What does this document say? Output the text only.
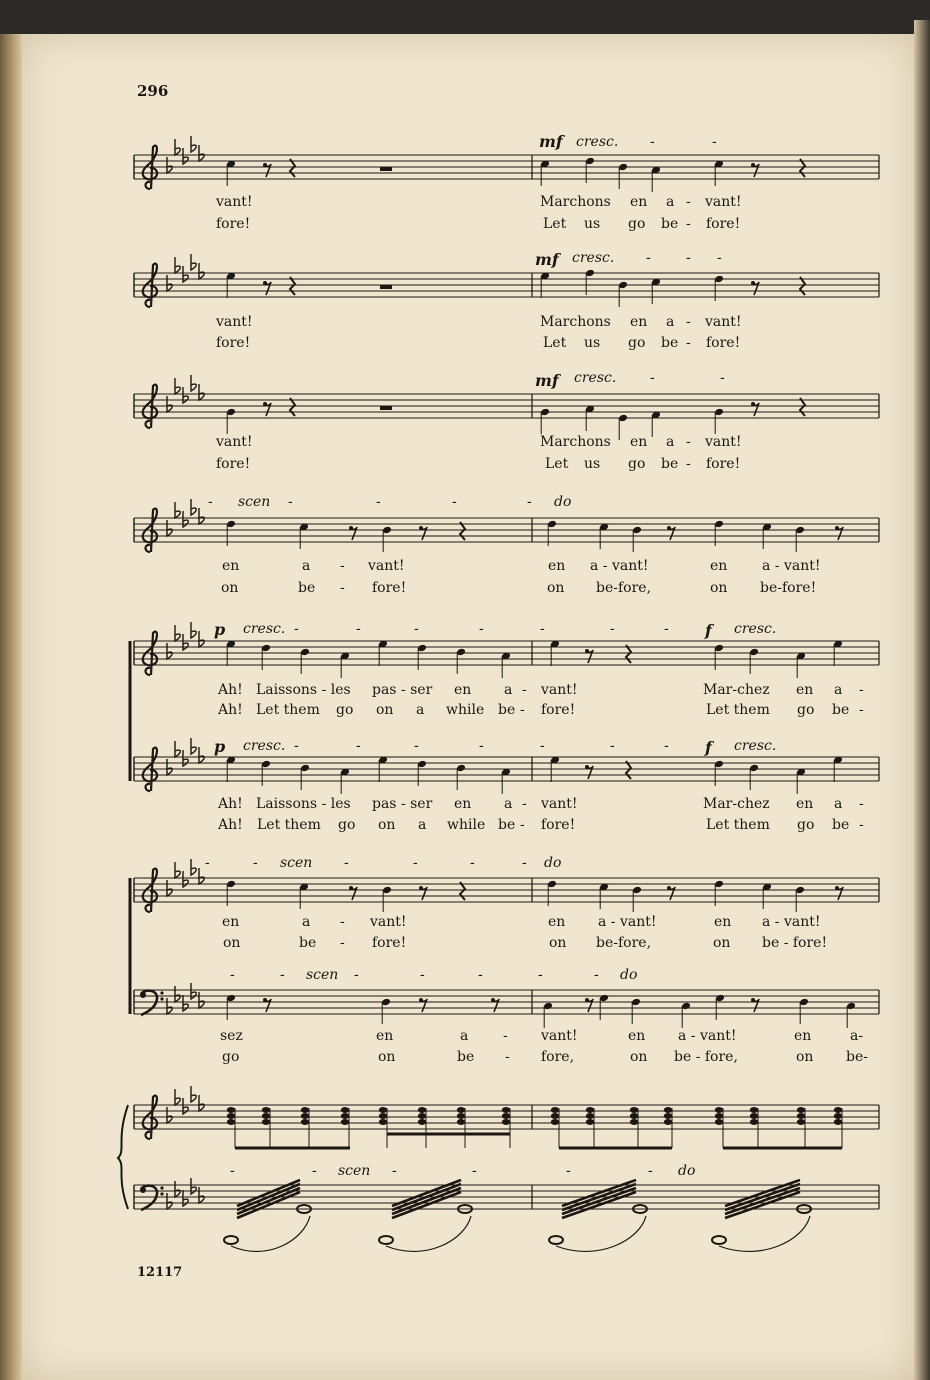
296

12117

mf cresc. -	-

vant!	Marchons en a - vant!

fore!	Let us go be - fore!

mf cresc. -	- -

vant!	Marchons en a - vant!

fore!	Let us go be - fore!

mf cresc. -	-

vant!	Marchons en a - vant!

fore!	Let us go be - fore!

- scen -	-	-	- do

en	a - vant!	en a - vant!	en a - vant!

on	be - fore!	on be-fore,	on be-fore!

p cresc. -	-	-	-	-	-	- f cresc.

Ah! Laissons - les pas - ser en a - vant!	Mar-chez en a -

Ah! Let them go on a while be - fore!	Let them go be -

p cresc. -	-	-	-	-	-	- f cresc.

Ah! Laissons - les pas - ser en a - vant!	Mar-chez en a -

Ah! Let them go on a while be - fore!	Let them go be -

-	- scen -	-	-	- do

en	a - vant!	en a - vant!	en a - vant!

on	be - fore!	on be-fore,	on be - fore!

-	- scen -	-	-	-	- do

sez	en	a - vant!	en a - vant!	en	a-

go	on	be - fore,	on be - fore,	on be-

-	- scen -	-	-	- do
